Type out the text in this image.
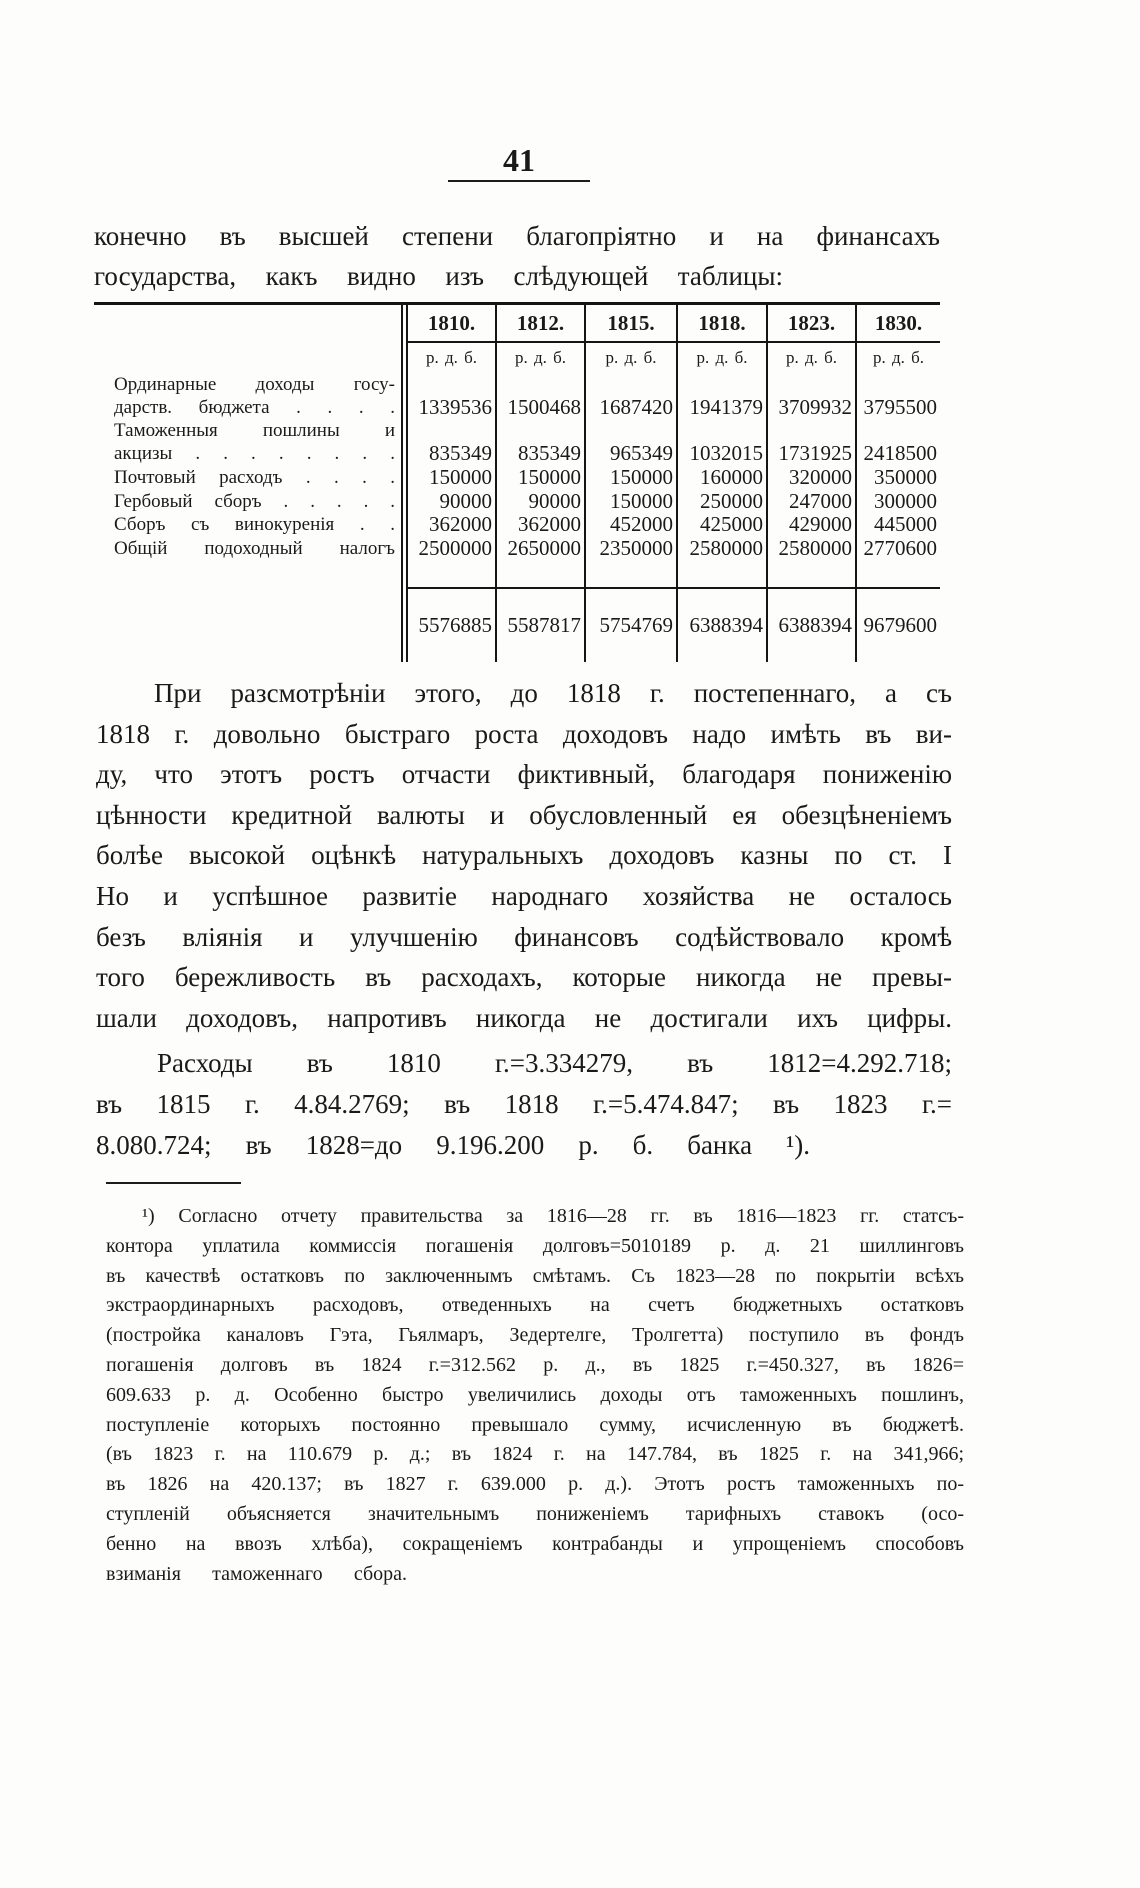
41
конечно въ высшей степени благопріятно и на финансахъ
государства, какъ видно изъ слѣдующей таблицы:
1810.	1812.	1815.	1818.	1823.	1830.
р. д. б.	р. д. б.	р. д. б.	р. д. б.	р. д. б.	р. д. б.
Ординарные доходы госу-
дарств. бюджета . . . .	1339536 1500468 1687420 1941379 3709932 3795500
Таможенныя пошлины и
акцизы . . . . . . . .	835349	835349	965349 1032015 1731925 2418500
Почтовый расходъ . . . .	150000	150000	150000	160000	320000	350000
Гербовый сборъ . . . . .	90000	90000	150000	250000	247000	300000
Сборъ съ винокуренія . .	362000	362000	452000	425000	429000	445000
Общій подоходный налогъ	2500000 2650000 2350000 2580000 2580000 2770600
5576885 5587817 5754769 6388394 6388394 9679600
При разсмотрѣніи этого, до 1818 г. постепеннаго, а съ
1818 г. довольно быстраго роста доходовъ надо имѣть въ ви-
ду, что этотъ ростъ отчасти фиктивный, благодаря пониженію
цѣнности кредитной валюты и обусловленный ея обезцѣненіемъ
болѣе высокой оцѣнкѣ натуральныхъ доходовъ казны по ст. I
Но и успѣшное развитіе народнаго хозяйства не осталось
безъ вліянія и улучшенію финансовъ содѣйствовало кромѣ
того бережливость въ расходахъ, которые никогда не превы-
шали доходовъ, напротивъ никогда не достигали ихъ цифры.
Расходы въ 1810 г.=3.334279, въ 1812=4.292.718;
въ 1815 г. 4.84.2769; въ 1818 г.=5.474.847; въ 1823 г.=
8.080.724; въ 1828=до 9.196.200 р. б. банка ¹).
¹) Согласно отчету правительства за 1816—28 гг. въ 1816—1823 гг. статсъ-
контора уплатила коммиссія погашенія долговъ=5010189 р. д. 21 шиллинговъ
въ качествѣ остатковъ по заключеннымъ смѣтамъ. Съ 1823—28 по покрытіи всѣхъ
экстраординарныхъ расходовъ, отведенныхъ на счетъ бюджетныхъ остатковъ
(постройка каналовъ Гэта, Гьялмаръ, Зедертелге, Тролгетта) поступило въ фондъ
погашенія долговъ въ 1824 г.=312.562 р. д., въ 1825 г.=450.327, въ 1826=
609.633 р. д. Особенно быстро увеличились доходы отъ таможенныхъ пошлинъ,
поступленіе которыхъ постоянно превышало сумму, исчисленную въ бюджетѣ.
(въ 1823 г. на 110.679 р. д.; въ 1824 г. на 147.784, въ 1825 г. на 341,966;
въ 1826 на 420.137; въ 1827 г. 639.000 р. д.). Этотъ ростъ таможенныхъ по-
ступленій объясняется значительнымъ пониженіемъ тарифныхъ ставокъ (осо-
бенно на ввозъ хлѣба), сокращеніемъ контрабанды и упрощеніемъ способовъ
взиманія таможеннаго сбора.
